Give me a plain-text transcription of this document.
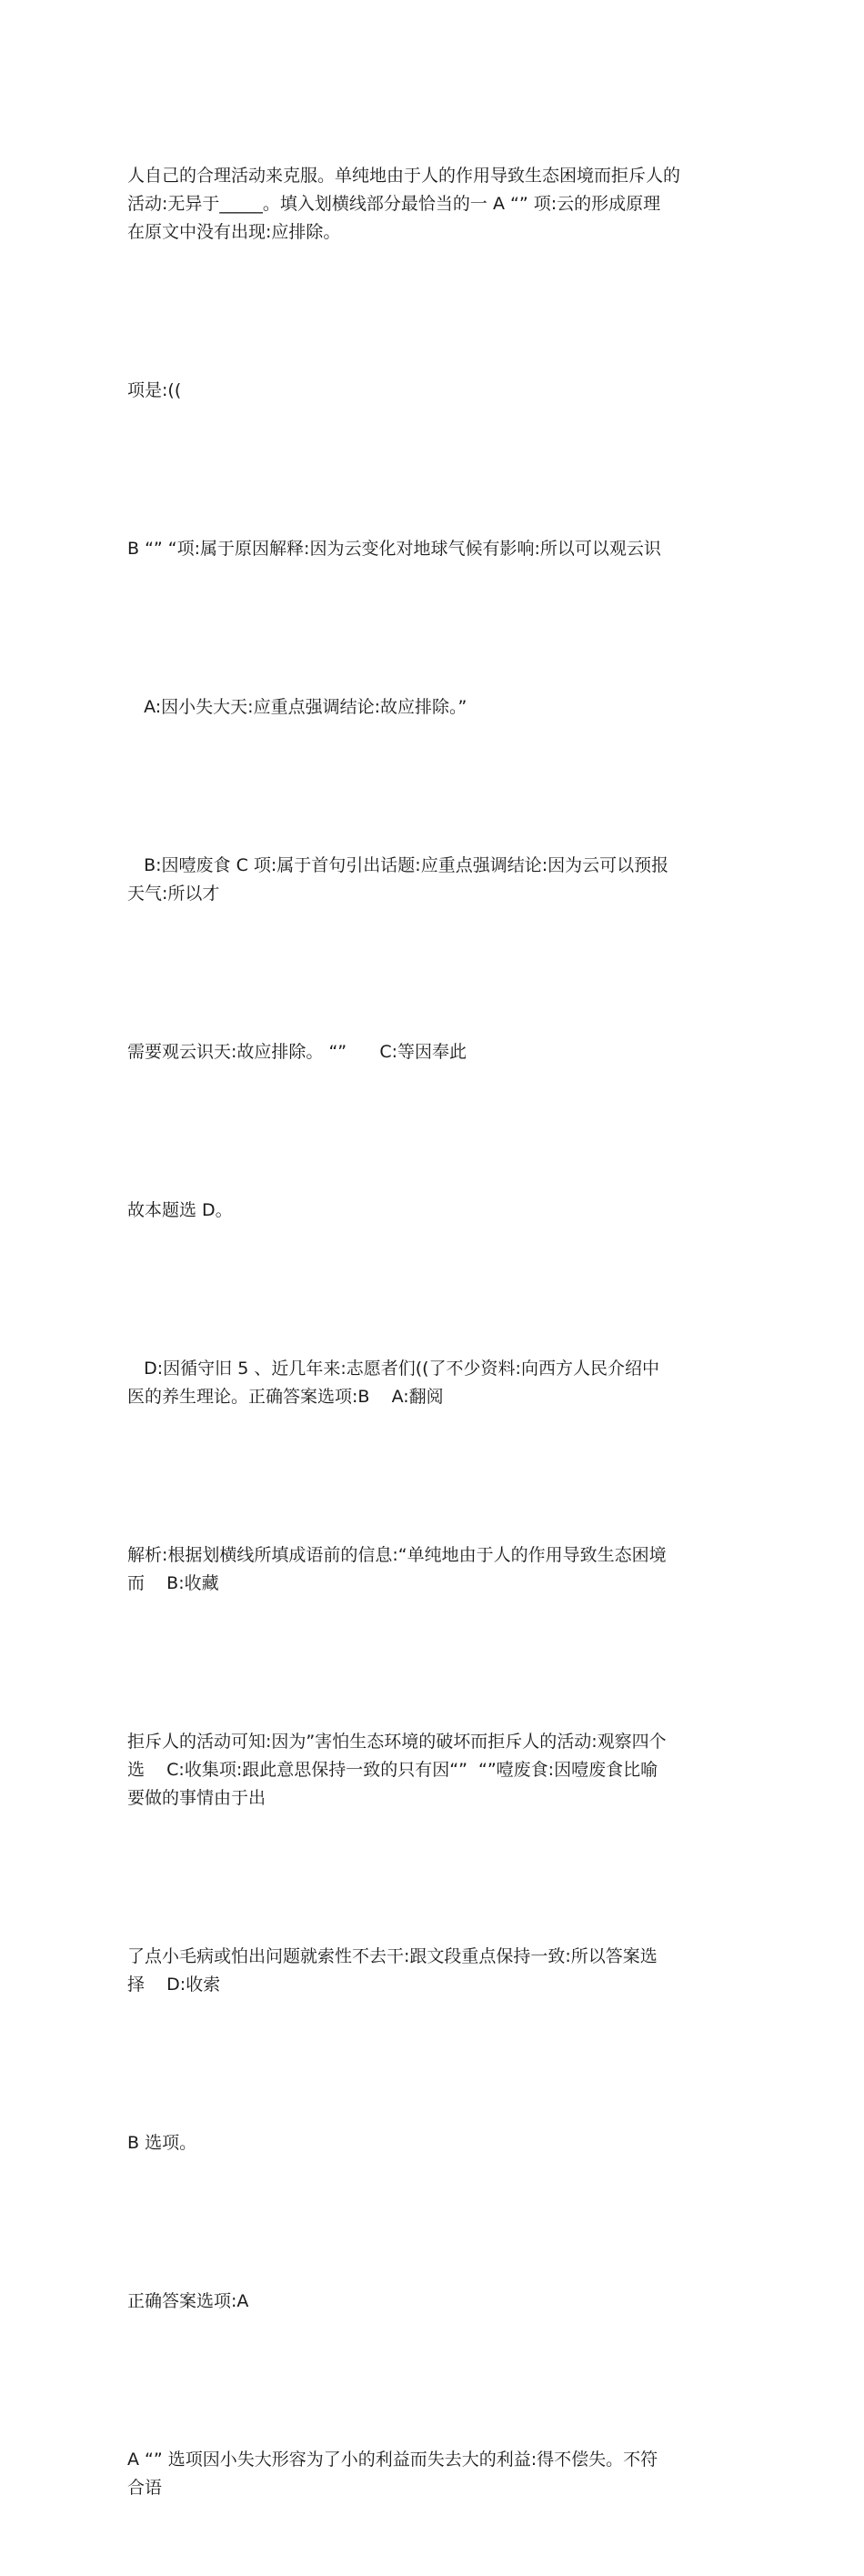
人自己的合理活动来克服。单纯地由于人的作用导致生态困境而拒斥人的
活动:无异于_____。填入划横线部分最恰当的一 A “” 项:云的形成原理
在原文中没有出现:应排除。

项是:((

B “” “项:属于原因解释:因为云变化对地球气候有影响:所以可以观云识

A:因小失大天:应重点强调结论:故应排除。”

B:因噎废食 C 项:属于首句引出话题:应重点强调结论:因为云可以预报
天气:所以才

需要观云识天:故应排除。 “”      C:等因奉此

故本题选 D。

D:因循守旧 5 、近几年来:志愿者们((了不少资料:向西方人民介绍中
医的养生理论。正确答案选项:B    A:翻阅

解析:根据划横线所填成语前的信息:“单纯地由于人的作用导致生态困境
而    B:收藏

拒斥人的活动可知:因为”害怕生态环境的破坏而拒斥人的活动:观察四个
选    C:收集项:跟此意思保持一致的只有因“”  “”噎废食:因噎废食比喻
要做的事情由于出

了点小毛病或怕出问题就索性不去干:跟文段重点保持一致:所以答案选
择    D:收索

B 选项。

正确答案选项:A

A “” 选项因小失大形容为了小的利益而失去大的利益:得不偿失。不符
合语
